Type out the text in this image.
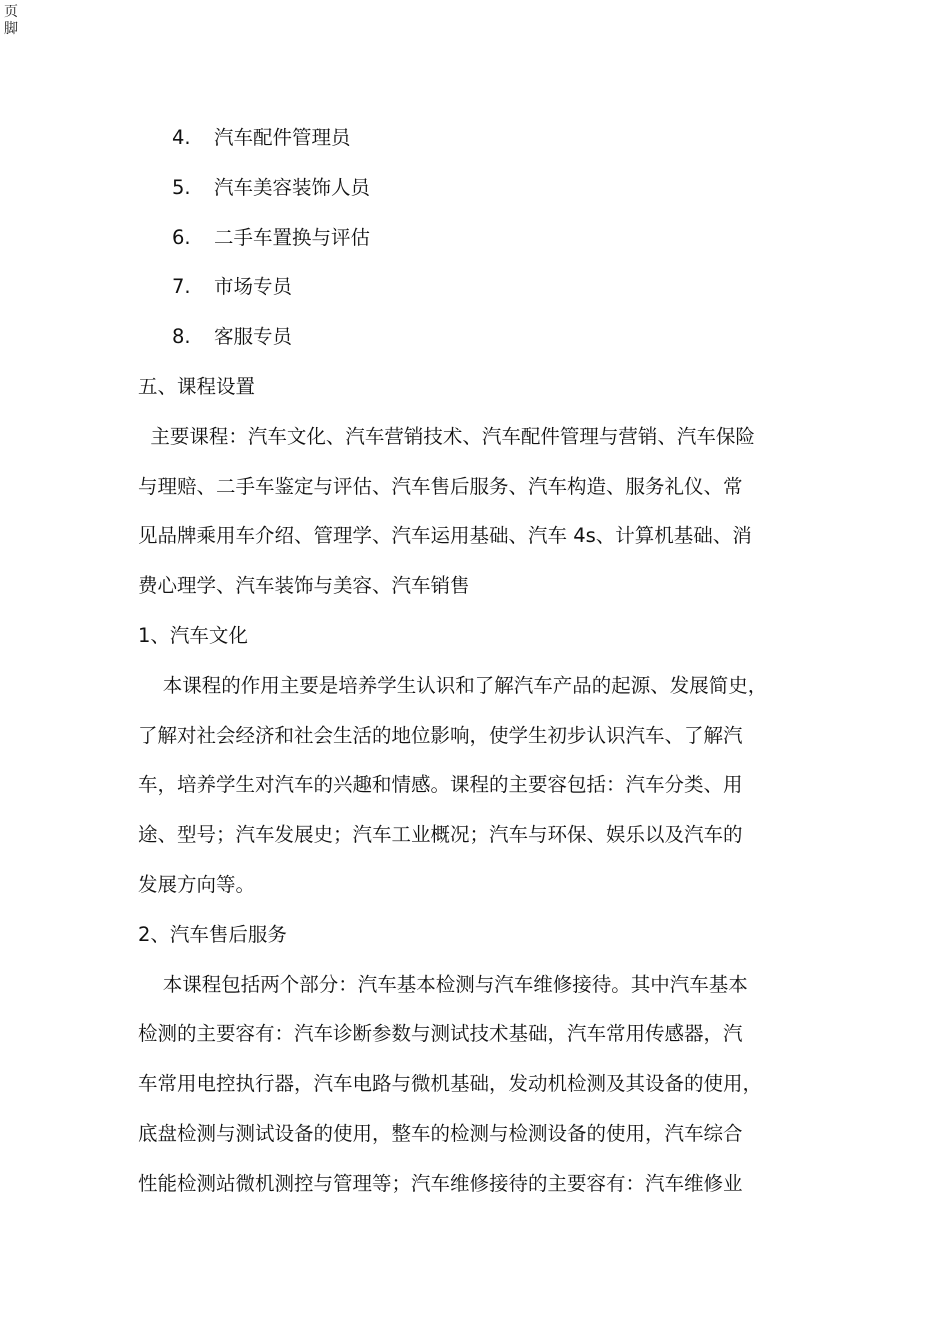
页
脚
4. 汽车配件管理员
5. 汽车美容装饰人员
6. 二手车置换与评估
7. 市场专员
8. 客服专员
五、课程设置
主要课程：汽车文化、汽车营销技术、汽车配件管理与营销、汽车保险
与理赔、二手车鉴定与评估、汽车售后服务、汽车构造、服务礼仪、常
见品牌乘用车介绍、管理学、汽车运用基础、汽车 4s、计算机基础、消
费心理学、汽车装饰与美容、汽车销售
1、汽车文化
本课程的作用主要是培养学生认识和了解汽车产品的起源、发展简史，
了解对社会经济和社会生活的地位影响，使学生初步认识汽车、了解汽
车，培养学生对汽车的兴趣和情感。课程的主要容包括：汽车分类、用
途、型号；汽车发展史；汽车工业概况；汽车与环保、娱乐以及汽车的
发展方向等。
2、汽车售后服务
本课程包括两个部分：汽车基本检测与汽车维修接待。其中汽车基本
检测的主要容有：汽车诊断参数与测试技术基础，汽车常用传感器，汽
车常用电控执行器，汽车电路与微机基础，发动机检测及其设备的使用，
底盘检测与测试设备的使用，整车的检测与检测设备的使用，汽车综合
性能检测站微机测控与管理等；汽车维修接待的主要容有：汽车维修业
